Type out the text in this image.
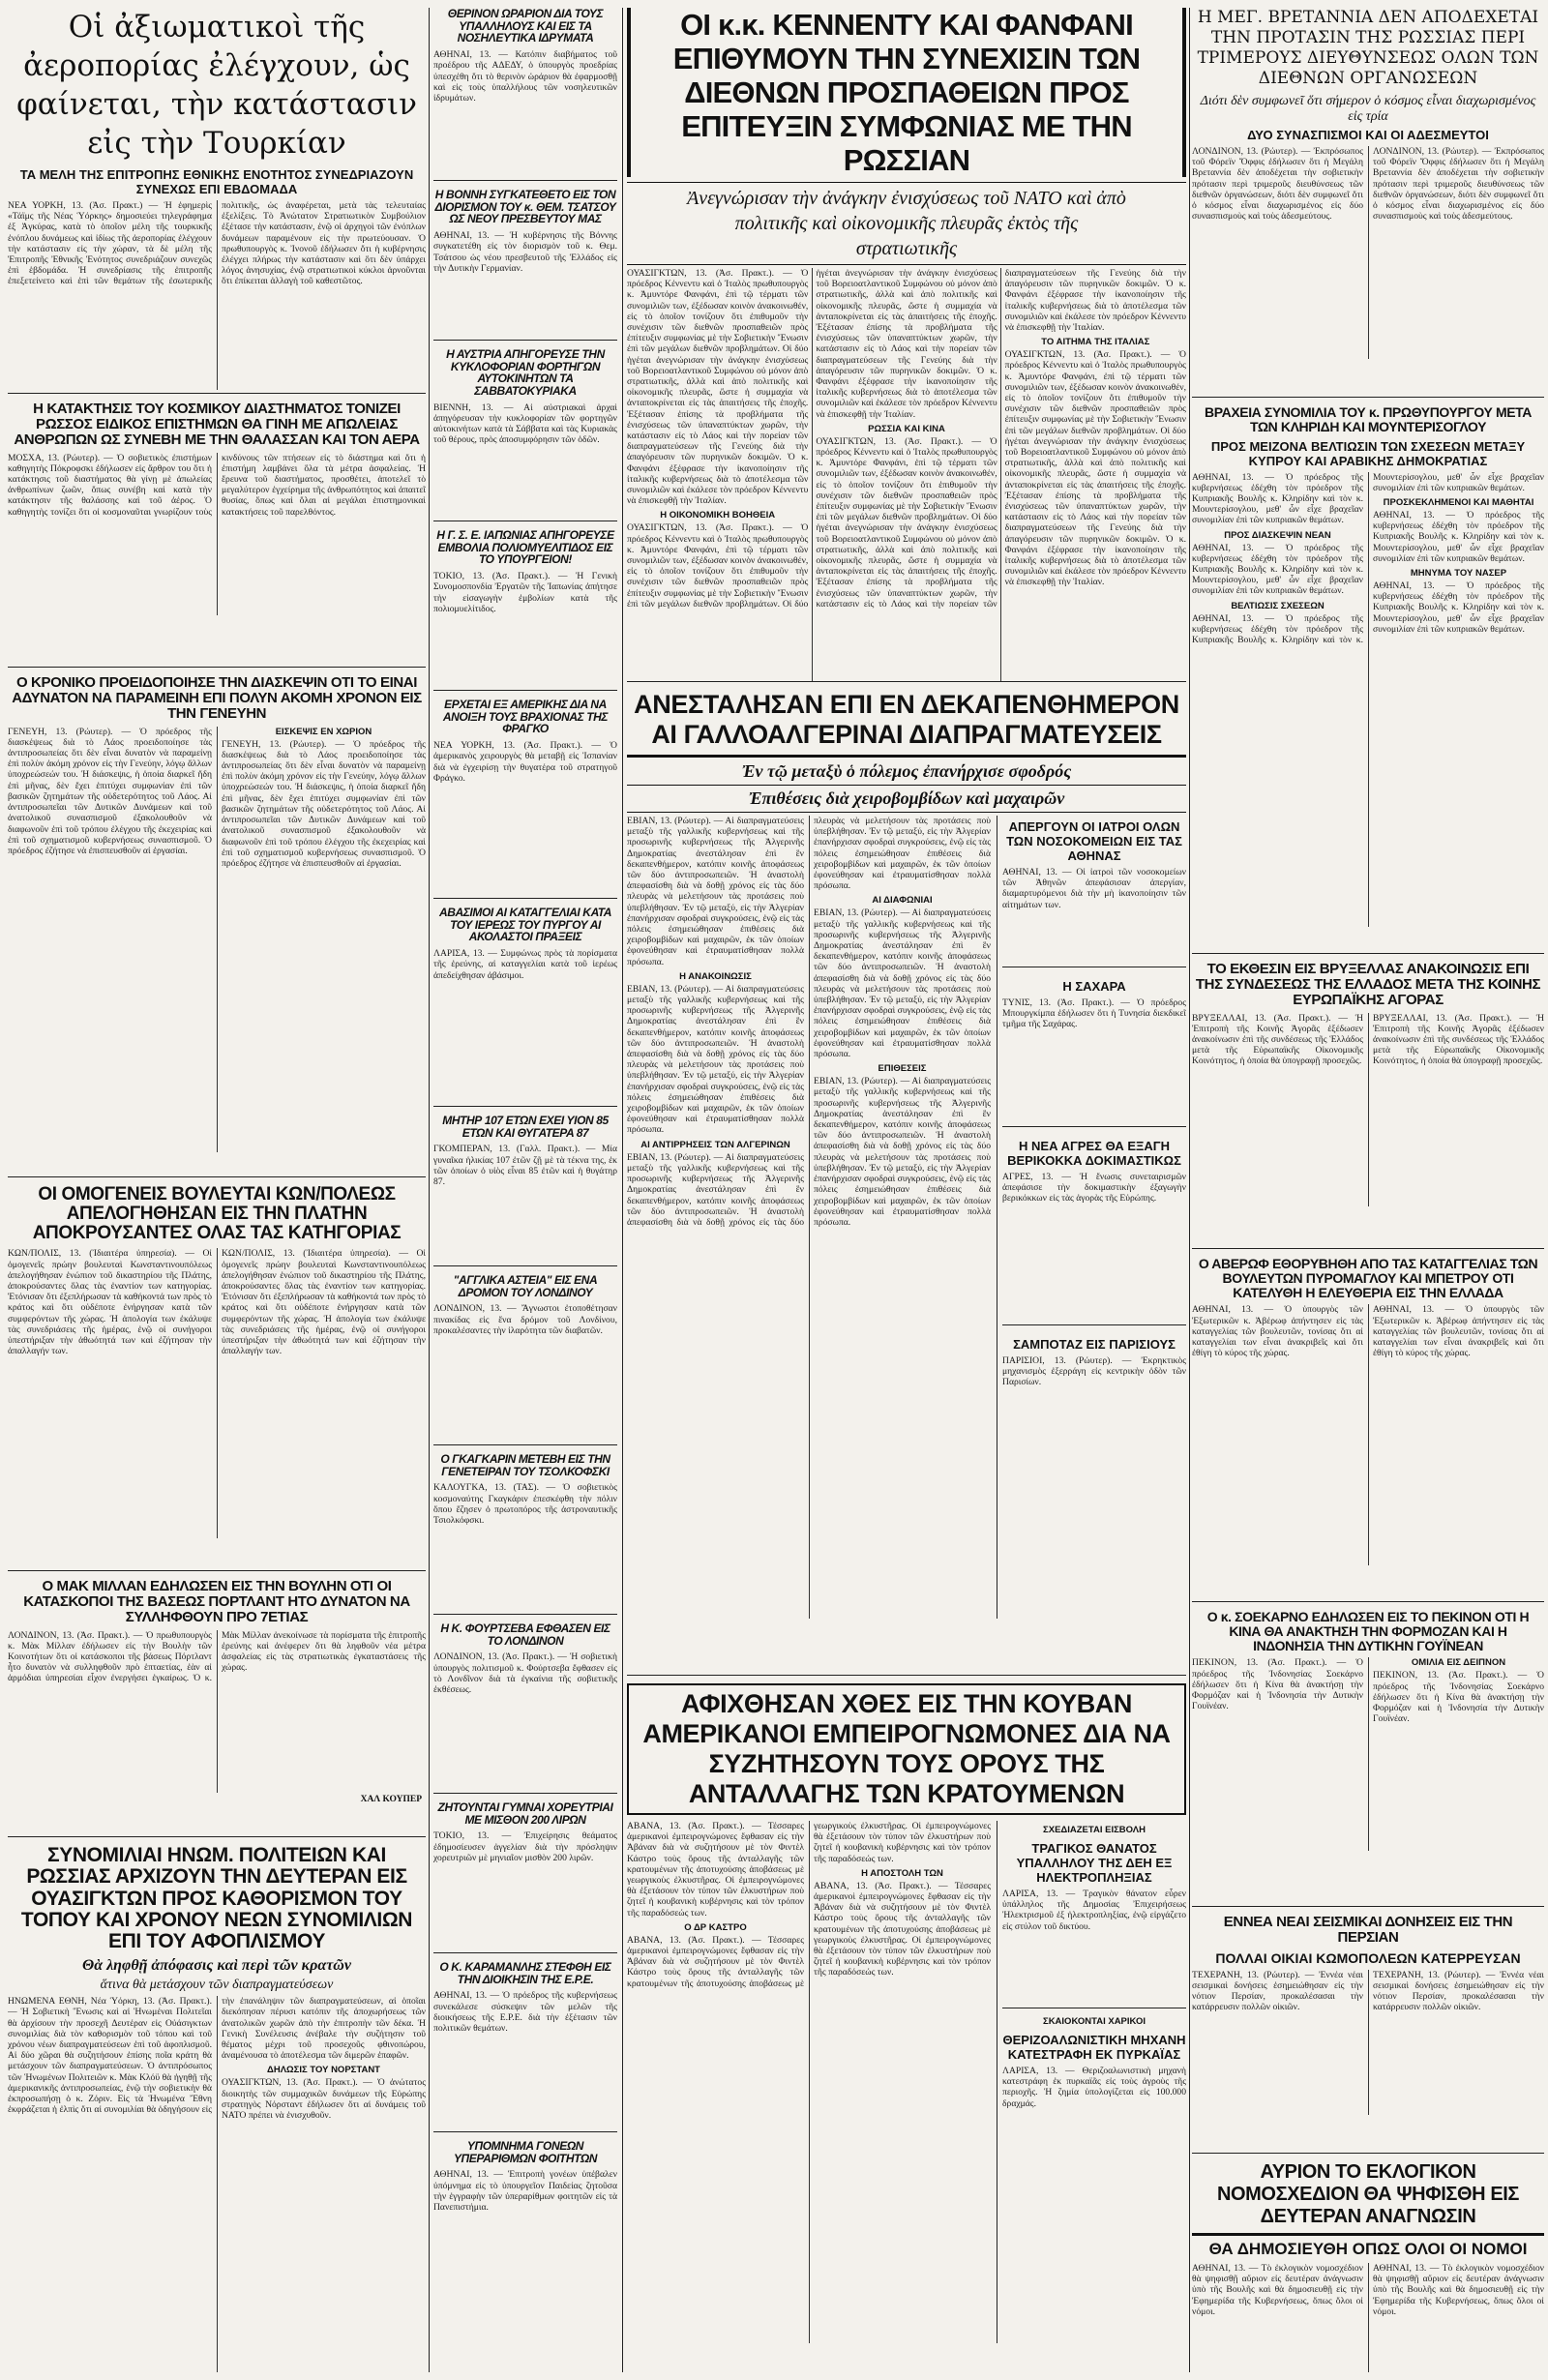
Οἱ ἀξιωματικοὶ τῆς ἀεροπορίας ἐλέγχουν, ὡς φαίνεται, τὴν κατάστασιν εἰς τὴν Τουρκίαν
ΤΑ ΜΕΛΗ ΤΗΣ ΕΠΙΤΡΟΠΗΣ ΕΘΝΙΚΗΣ ΕΝΟΤΗΤΟΣ ΣΥΝΕΔΡΙΑΖΟΥΝ ΣΥΝΕΧΩΣ ΕΠΙ ΕΒΔΟΜΑΔΑ

ΝΕΑ ΥΟΡΚΗ, 13. (Ἀσ. Πρακτ.) — Ἡ ἐφημερὶς «Τάϊμς τῆς Νέας Ὑόρκης» δημοσιεύει τηλεγράφημα ἐξ Ἀγκύρας, κατὰ τὸ ὁποῖον μέλη τῆς τουρκικῆς ἐνόπλου δυνάμεως καὶ ἰδίως τῆς ἀεροπορίας ἐλέγχουν τὴν κατάστασιν εἰς τὴν χώραν, τὰ δὲ μέλη τῆς Ἐπιτροπῆς Ἐθνικῆς Ἑνότητος συνεδριάζουν συνεχῶς ἐπὶ ἑβδομάδα. Ἡ συνεδρίασις τῆς ἐπιτροπῆς ἐπεξετείνετο καὶ ἐπὶ τῶν θεμάτων τῆς ἐσωτερικῆς πολιτικῆς, ὡς ἀναφέρεται, μετὰ τὰς τελευταίας ἐξελίξεις. Τὸ Ἀνώτατον Στρατιωτικὸν Συμβούλιον ἐξέτασε τὴν κατάστασιν, ἐνῷ οἱ ἀρχηγοὶ τῶν ἐνόπλων δυνάμεων παραμένουν εἰς τὴν πρωτεύουσαν. Ὁ πρωθυπουργὸς κ. Ἰνονοῦ ἐδήλωσεν ὅτι ἡ κυβέρνησις ἐλέγχει πλήρως τὴν κατάστασιν καὶ ὅτι δὲν ὑπάρχει λόγος ἀνησυχίας, ἐνῷ στρατιωτικοὶ κύκλοι ἀρνοῦνται ὅτι ἐπίκειται ἀλλαγὴ τοῦ καθεστῶτος.

Η ΚΑΤΑΚΤΗΣΙΣ ΤΟΥ ΚΟΣΜΙΚΟΥ ΔΙΑΣΤΗΜΑΤΟΣ ΤΟΝΙΖΕΙ ΡΩΣΣΟΣ ΕΙΔΙΚΟΣ ΕΠΙΣΤΗΜΩΝ ΘΑ ΓΙΝΗ ΜΕ ΑΠΩΛΕΙΑΣ ΑΝΘΡΩΠΩΝ ΩΣ ΣΥΝΕΒΗ ΜΕ ΤΗΝ ΘΑΛΑΣΣΑΝ ΚΑΙ ΤΟΝ ΑΕΡΑ

ΜΟΣΧΑ, 13. (Ρώυτερ). — Ὁ σοβιετικὸς ἐπιστήμων καθηγητὴς Πόκροφσκι ἐδήλωσεν εἰς ἄρθρον του ὅτι ἡ κατάκτησις τοῦ διαστήματος θὰ γίνῃ μὲ ἀπωλείας ἀνθρωπίνων ζωῶν, ὅπως συνέβη καὶ κατὰ τὴν κατάκτησιν τῆς θαλάσσης καὶ τοῦ ἀέρος. Ὁ καθηγητὴς τονίζει ὅτι οἱ κοσμοναῦται γνωρίζουν τοὺς κινδύνους τῶν πτήσεων εἰς τὸ διάστημα καὶ ὅτι ἡ ἐπιστήμη λαμβάνει ὅλα τὰ μέτρα ἀσφαλείας. Ἡ ἔρευνα τοῦ διαστήματος, προσθέτει, ἀποτελεῖ τὸ μεγαλύτερον ἐγχείρημα τῆς ἀνθρωπότητος καὶ ἀπαιτεῖ θυσίας, ὅπως καὶ ὅλαι αἱ μεγάλαι ἐπιστημονικαὶ κατακτήσεις τοῦ παρελθόντος.

Ο ΚΡΟΝΙΚΟ ΠΡΟΕΙΔΟΠΟΙΗΣΕ ΤΗΝ ΔΙΑΣΚΕΨΙΝ ΟΤΙ ΤΟ ΕΙΝΑΙ ΑΔΥΝΑΤΟΝ ΝΑ ΠΑΡΑΜΕΙΝΗ ΕΠΙ ΠΟΛΥΝ ΑΚΟΜΗ ΧΡΟΝΟΝ ΕΙΣ ΤΗΝ ΓΕΝΕΥΗΝ

ΓΕΝΕΥΗ, 13. (Ρώυτερ). — Ὁ πρόεδρος τῆς διασκέψεως διὰ τὸ Λάος προειδοποίησε τὰς ἀντιπροσωπείας ὅτι δὲν εἶναι δυνατὸν νὰ παραμείνῃ ἐπὶ πολὺν ἀκόμη χρόνον εἰς τὴν Γενεύην, λόγῳ ἄλλων ὑποχρεώσεών του. Ἡ διάσκεψις, ἡ ὁποία διαρκεῖ ἤδη ἐπὶ μῆνας, δὲν ἔχει ἐπιτύχει συμφωνίαν ἐπὶ τῶν βασικῶν ζητημάτων τῆς οὐδετερότητος τοῦ Λάος. Αἱ ἀντιπροσωπεῖαι τῶν Δυτικῶν Δυνάμεων καὶ τοῦ ἀνατολικοῦ συνασπισμοῦ ἐξακολουθοῦν νὰ διαφωνοῦν ἐπὶ τοῦ τρόπου ἐλέγχου τῆς ἐκεχειρίας καὶ ἐπὶ τοῦ σχηματισμοῦ κυβερνήσεως συνασπισμοῦ. Ὁ πρόεδρος ἐζήτησε νὰ ἐπισπευσθοῦν αἱ ἐργασίαι.

ΕΙΣΚΕΨΙΣ ΕΝ ΧΩΡΙΟΝ

ΓΕΝΕΥΗ, 13. (Ρώυτερ). — Ὁ πρόεδρος τῆς διασκέψεως διὰ τὸ Λάος προειδοποίησε τὰς ἀντιπροσωπείας ὅτι δὲν εἶναι δυνατὸν νὰ παραμείνῃ ἐπὶ πολὺν ἀκόμη χρόνον εἰς τὴν Γενεύην, λόγῳ ἄλλων ὑποχρεώσεών του. Ἡ διάσκεψις, ἡ ὁποία διαρκεῖ ἤδη ἐπὶ μῆνας, δὲν ἔχει ἐπιτύχει συμφωνίαν ἐπὶ τῶν βασικῶν ζητημάτων τῆς οὐδετερότητος τοῦ Λάος. Αἱ ἀντιπροσωπεῖαι τῶν Δυτικῶν Δυνάμεων καὶ τοῦ ἀνατολικοῦ συνασπισμοῦ ἐξακολουθοῦν νὰ διαφωνοῦν ἐπὶ τοῦ τρόπου ἐλέγχου τῆς ἐκεχειρίας καὶ ἐπὶ τοῦ σχηματισμοῦ κυβερνήσεως συνασπισμοῦ. Ὁ πρόεδρος ἐζήτησε νὰ ἐπισπευσθοῦν αἱ ἐργασίαι.

ΟΙ ΟΜΟΓΕΝΕΙΣ ΒΟΥΛΕΥΤΑΙ ΚΩΝ/ΠΟΛΕΩΣ ΑΠΕΛΟΓΗΘΗΣΑΝ ΕΙΣ ΤΗΝ ΠΛΑΤΗΝ ΑΠΟΚΡΟΥΣΑΝΤΕΣ ΟΛΑΣ ΤΑΣ ΚΑΤΗΓΟΡΙΑΣ

ΚΩΝ/ΠΟΛΙΣ, 13. (Ἰδιαιτέρα ὑπηρεσία). — Οἱ ὁμογενεῖς πρώην βουλευταὶ Κωνσταντινουπόλεως ἀπελογήθησαν ἐνώπιον τοῦ δικαστηρίου τῆς Πλάτης, ἀποκρούσαντες ὅλας τὰς ἐναντίον των κατηγορίας. Ἐτόνισαν ὅτι ἐξεπλήρωσαν τὰ καθήκοντά των πρὸς τὸ κράτος καὶ ὅτι οὐδέποτε ἐνήργησαν κατὰ τῶν συμφερόντων τῆς χώρας. Ἡ ἀπολογία των ἐκάλυψε τὰς συνεδριάσεις τῆς ἡμέρας, ἐνῷ οἱ συνήγοροι ὑπεστήριξαν τὴν ἀθωότητά των καὶ ἐζήτησαν τὴν ἀπαλλαγήν των.

ΚΩΝ/ΠΟΛΙΣ, 13. (Ἰδιαιτέρα ὑπηρεσία). — Οἱ ὁμογενεῖς πρώην βουλευταὶ Κωνσταντινουπόλεως ἀπελογήθησαν ἐνώπιον τοῦ δικαστηρίου τῆς Πλάτης, ἀποκρούσαντες ὅλας τὰς ἐναντίον των κατηγορίας. Ἐτόνισαν ὅτι ἐξεπλήρωσαν τὰ καθήκοντά των πρὸς τὸ κράτος καὶ ὅτι οὐδέποτε ἐνήργησαν κατὰ τῶν συμφερόντων τῆς χώρας. Ἡ ἀπολογία των ἐκάλυψε τὰς συνεδριάσεις τῆς ἡμέρας, ἐνῷ οἱ συνήγοροι ὑπεστήριξαν τὴν ἀθωότητά των καὶ ἐζήτησαν τὴν ἀπαλλαγήν των.

Ο ΜΑΚ ΜΙΛΛΑΝ ΕΔΗΛΩΣΕΝ ΕΙΣ ΤΗΝ ΒΟΥΛΗΝ ΟΤΙ ΟΙ ΚΑΤΑΣΚΟΠΟΙ ΤΗΣ ΒΑΣΕΩΣ ΠΟΡΤΛΑΝΤ ΗΤΟ ΔΥΝΑΤΟΝ ΝΑ ΣΥΛΛΗΦΘΟΥΝ ΠΡΟ 7ΕΤΙΑΣ

ΛΟΝΔΙΝΟΝ, 13. (Ἀσ. Πρακτ.). — Ὁ πρωθυπουργὸς κ. Μὰκ Μίλλαν ἐδήλωσεν εἰς τὴν Βουλὴν τῶν Κοινοτήτων ὅτι οἱ κατάσκοποι τῆς βάσεως Πόρτλαντ ἦτο δυνατὸν νὰ συλληφθοῦν πρὸ ἑπταετίας, ἐὰν αἱ ἁρμόδιαι ὑπηρεσίαι εἶχον ἐνεργήσει ἐγκαίρως. Ὁ κ. Μὰκ Μίλλαν ἀνεκοίνωσε τὰ πορίσματα τῆς ἐπιτροπῆς ἐρεύνης καὶ ἀνέφερεν ὅτι θὰ ληφθοῦν νέα μέτρα ἀσφαλείας εἰς τὰς στρατιωτικὰς ἐγκαταστάσεις τῆς χώρας.

ΧΑΛ ΚΟΥΠΕΡ
ΣΥΝΟΜΙΛΙΑΙ ΗΝΩΜ. ΠΟΛΙΤΕΙΩΝ ΚΑΙ ΡΩΣΣΙΑΣ ΑΡΧΙΖΟΥΝ ΤΗΝ ΔΕΥΤΕΡΑΝ ΕΙΣ ΟΥΑΣΙΓΚΤΩΝ ΠΡΟΣ ΚΑΘΟΡΙΣΜΟΝ ΤΟΥ ΤΟΠΟΥ ΚΑΙ ΧΡΟΝΟΥ ΝΕΩΝ ΣΥΝΟΜΙΛΙΩΝ ΕΠΙ ΤΟΥ ΑΦΟΠΛΙΣΜΟΥ
Θὰ ληφθῇ ἀπόφασις καὶ περὶ τῶν κρατῶν
ἅτινα θὰ μετάσχουν τῶν διαπραγματεύσεων

ΗΝΩΜΕΝΑ ΕΘΝΗ, Νέα Ὑόρκη, 13. (Ἀσ. Πρακτ.). — Ἡ Σοβιετικὴ Ἕνωσις καὶ αἱ Ἡνωμέναι Πολιτεῖαι θὰ ἀρχίσουν τὴν προσεχῆ Δευτέραν εἰς Οὐάσιγκτων συνομιλίας διὰ τὸν καθορισμὸν τοῦ τόπου καὶ τοῦ χρόνου νέων διαπραγματεύσεων ἐπὶ τοῦ ἀφοπλισμοῦ. Αἱ δύο χῶραι θὰ συζητήσουν ἐπίσης ποῖα κράτη θὰ μετάσχουν τῶν διαπραγματεύσεων. Ὁ ἀντιπρόσωπος τῶν Ἡνωμένων Πολιτειῶν κ. Μὰκ Κλόϋ θὰ ἡγηθῇ τῆς ἀμερικανικῆς ἀντιπροσωπείας, ἐνῷ τὴν σοβιετικὴν θὰ ἐκπροσωπήσῃ ὁ κ. Ζόριν. Εἰς τὰ Ἡνωμένα Ἔθνη ἐκφράζεται ἡ ἐλπὶς ὅτι αἱ συνομιλίαι θὰ ὁδηγήσουν εἰς τὴν ἐπανάληψιν τῶν διαπραγματεύσεων, αἱ ὁποῖαι διεκόπησαν πέρυσι κατόπιν τῆς ἀποχωρήσεως τῶν ἀνατολικῶν χωρῶν ἀπὸ τὴν ἐπιτροπὴν τῶν δέκα. Ἡ Γενικὴ Συνέλευσις ἀνέβαλε τὴν συζήτησιν τοῦ θέματος μέχρι τοῦ προσεχοῦς φθινοπώρου, ἀναμένουσα τὸ ἀποτέλεσμα τῶν διμερῶν ἐπαφῶν.

ΔΗΛΩΣΙΣ ΤΟΥ ΝΟΡΣΤΑΝΤ

ΟΥΑΣΙΓΚΤΩΝ, 13. (Ἀσ. Πρακτ.). — Ὁ ἀνώτατος διοικητὴς τῶν συμμαχικῶν δυνάμεων τῆς Εὐρώπης στρατηγὸς Νόρσταντ ἐδήλωσεν ὅτι αἱ δυνάμεις τοῦ ΝΑΤΟ πρέπει νὰ ἐνισχυθοῦν.

ΘΕΡΙΝΟΝ ΩΡΑΡΙΟΝ ΔΙΑ ΤΟΥΣ ΥΠΑΛΛΗΛΟΥΣ ΚΑΙ ΕΙΣ ΤΑ ΝΟΣΗΛΕΥΤΙΚΑ ΙΔΡΥΜΑΤΑ

ΑΘΗΝΑΙ, 13. — Κατόπιν διαβήματος τοῦ προέδρου τῆς ΑΔΕΔΥ, ὁ ὑπουργὸς προεδρίας ὑπεσχέθη ὅτι τὸ θερινὸν ὡράριον θὰ ἐφαρμοσθῇ καὶ εἰς τοὺς ὑπαλλήλους τῶν νοσηλευτικῶν ἱδρυμάτων.

Η ΒΟΝΝΗ ΣΥΓΚΑΤΕΘΕΤΟ ΕΙΣ ΤΟΝ ΔΙΟΡΙΣΜΟΝ ΤΟΥ κ. ΘΕΜ. ΤΣΑΤΣΟΥ ΩΣ ΝΕΟΥ ΠΡΕΣΒΕΥΤΟΥ ΜΑΣ

ΑΘΗΝΑΙ, 13. — Ἡ κυβέρνησις τῆς Βόννης συγκατετέθη εἰς τὸν διορισμὸν τοῦ κ. Θεμ. Τσάτσου ὡς νέου πρεσβευτοῦ τῆς Ἑλλάδος εἰς τὴν Δυτικὴν Γερμανίαν.

Η ΑΥΣΤΡΙΑ ΑΠΗΓΟΡΕΥΣΕ ΤΗΝ ΚΥΚΛΟΦΟΡΙΑΝ ΦΟΡΤΗΓΩΝ ΑΥΤΟΚΙΝΗΤΩΝ ΤΑ ΣΑΒΒΑΤΟΚΥΡΙΑΚΑ

ΒΙΕΝΝΗ, 13. — Αἱ αὐστριακαὶ ἀρχαὶ ἀπηγόρευσαν τὴν κυκλοφορίαν τῶν φορτηγῶν αὐτοκινήτων κατὰ τὰ Σάββατα καὶ τὰς Κυριακὰς τοῦ θέρους, πρὸς ἀποσυμφόρησιν τῶν ὁδῶν.

Η Γ. Σ. Ε. ΙΑΠΩΝΙΑΣ ΑΠΗΓΟΡΕΥΣΕ ΕΜΒΟΛΙΑ ΠΟΛΙΟΜΥΕΛΙΤΙΔΟΣ ΕΙΣ ΤΟ ΥΠΟΥΡΓΕΙΟΝ!

ΤΟΚΙΟ, 13. (Ἀσ. Πρακτ.). — Ἡ Γενικὴ Συνομοσπονδία Ἐργατῶν τῆς Ἰαπωνίας ἀπήτησε τὴν εἰσαγωγὴν ἐμβολίων κατὰ τῆς πολιομυελίτιδος.

ΕΡΧΕΤΑΙ ΕΞ ΑΜΕΡΙΚΗΣ ΔΙΑ ΝΑ ΑΝΟΙΞΗ ΤΟΥΣ ΒΡΑΧΙΟΝΑΣ ΤΗΣ ΦΡΑΓΚΟ

ΝΕΑ ΥΟΡΚΗ, 13. (Ἀσ. Πρακτ.). — Ὁ ἀμερικανὸς χειρουργὸς θὰ μεταβῇ εἰς Ἰσπανίαν διὰ νὰ ἐγχειρίσῃ τὴν θυγατέρα τοῦ στρατηγοῦ Φράγκο.

ΑΒΑΣΙΜΟΙ ΑΙ ΚΑΤΑΓΓΕΛΙΑΙ ΚΑΤΑ ΤΟΥ ΙΕΡΕΩΣ ΤΟΥ ΠΥΡΓΟΥ ΑΙ ΑΚΟΛΑΣΤΟΙ ΠΡΑΞΕΙΣ

ΛΑΡΙΣΑ, 13. — Συμφώνως πρὸς τὰ πορίσματα τῆς ἐρεύνης, αἱ καταγγελίαι κατὰ τοῦ ἱερέως ἀπεδείχθησαν ἀβάσιμοι.

ΜΗΤΗΡ 107 ΕΤΩΝ ΕΧΕΙ ΥΙΟΝ 85 ΕΤΩΝ ΚΑΙ ΘΥΓΑΤΕΡΑ 87

ΓΚΟΜΠΕΡΑΝ, 13. (Γαλλ. Πρακτ.). — Μία γυναῖκα ἡλικίας 107 ἐτῶν ζῇ μὲ τὰ τέκνα της, ἐκ τῶν ὁποίων ὁ υἱὸς εἶναι 85 ἐτῶν καὶ ἡ θυγάτηρ 87.

"ΑΓΓΛΙΚΑ ΑΣΤΕΙΑ" ΕΙΣ ΕΝΑ ΔΡΟΜΟΝ ΤΟΥ ΛΟΝΔΙΝΟΥ

ΛΟΝΔΙΝΟΝ, 13. — Ἄγνωστοι ἐτοποθέτησαν πινακίδας εἰς ἕνα δρόμον τοῦ Λονδίνου, προκαλέσαντες τὴν ἱλαρότητα τῶν διαβατῶν.

Ο ΓΚΑΓΚΑΡΙΝ ΜΕΤΕΒΗ ΕΙΣ ΤΗΝ ΓΕΝΕΤΕΙΡΑΝ ΤΟΥ ΤΣΟΛΚΟΦΣΚΙ

ΚΑΛΟΥΓΚΑ, 13. (ΤΑΣ). — Ὁ σοβιετικὸς κοσμοναύτης Γκαγκάριν ἐπεσκέφθη τὴν πόλιν ὅπου ἔζησεν ὁ πρωτοπόρος τῆς ἀστροναυτικῆς Τσιολκόφσκι.

Η Κ. ΦΟΥΡΤΣΕΒΑ ΕΦΘΑΣΕΝ ΕΙΣ ΤΟ ΛΟΝΔΙΝΟΝ

ΛΟΝΔΙΝΟΝ, 13. (Ἀσ. Πρακτ.). — Ἡ σοβιετικὴ ὑπουργὸς πολιτισμοῦ κ. Φούρτσεβα ἔφθασεν εἰς τὸ Λονδῖνον διὰ τὰ ἐγκαίνια τῆς σοβιετικῆς ἐκθέσεως.

ΖΗΤΟΥΝΤΑΙ ΓΥΜΝΑΙ ΧΟΡΕΥΤΡΙΑΙ ΜΕ ΜΙΣΘΟΝ 200 ΛΙΡΩΝ

ΤΟΚΙΟ, 13. — Ἐπιχείρησις θεάματος ἐδημοσίευσεν ἀγγελίαν διὰ τὴν πρόσληψιν χορευτριῶν μὲ μηνιαῖον μισθὸν 200 λιρῶν.

Ο Κ. ΚΑΡΑΜΑΝΛΗΣ ΣΤΕΦΘΗ ΕΙΣ ΤΗΝ ΔΙΟΙΚΗΣΙΝ ΤΗΣ Ε.Ρ.Ε.

ΑΘΗΝΑΙ, 13. — Ὁ πρόεδρος τῆς κυβερνήσεως συνεκάλεσε σύσκεψιν τῶν μελῶν τῆς διοικήσεως τῆς Ε.Ρ.Ε. διὰ τὴν ἐξέτασιν τῶν πολιτικῶν θεμάτων.

ΥΠΟΜΝΗΜΑ ΓΟΝΕΩΝ ΥΠΕΡΑΡΙΘΜΩΝ ΦΟΙΤΗΤΩΝ

ΑΘΗΝΑΙ, 13. — Ἐπιτροπὴ γονέων ὑπέβαλεν ὑπόμνημα εἰς τὸ ὑπουργεῖον Παιδείας ζητοῦσα τὴν ἐγγραφὴν τῶν ὑπεραρίθμων φοιτητῶν εἰς τὰ Πανεπιστήμια.

ΟΙ κ.κ. ΚΕΝΝΕΝΤΥ ΚΑΙ ΦΑΝΦΑΝΙ ΕΠΙΘΥΜΟΥΝ ΤΗΝ ΣΥΝΕΧΙΣΙΝ ΤΩΝ ΔΙΕΘΝΩΝ ΠΡΟΣΠΑΘΕΙΩΝ ΠΡΟΣ ΕΠΙΤΕΥΞΙΝ ΣΥΜΦΩΝΙΑΣ ΜΕ ΤΗΝ ΡΩΣΣΙΑΝ
Ἀνεγνώρισαν τὴν ἀνάγκην ἐνισχύσεως τοῦ ΝΑΤΟ καὶ ἀπὸ πολιτικῆς καὶ οἰκονομικῆς πλευρᾶς ἐκτὸς τῆς στρατιωτικῆς

ΟΥΑΣΙΓΚΤΩΝ, 13. (Ἀσ. Πρακτ.). — Ὁ πρόεδρος Κέννεντυ καὶ ὁ Ἰταλὸς πρωθυπουργὸς κ. Ἀμυντόρε Φανφάνι, ἐπὶ τῷ τέρματι τῶν συνομιλιῶν των, ἐξέδωσαν κοινὸν ἀνακοινωθέν, εἰς τὸ ὁποῖον τονίζουν ὅτι ἐπιθυμοῦν τὴν συνέχισιν τῶν διεθνῶν προσπαθειῶν πρὸς ἐπίτευξιν συμφωνίας μὲ τὴν Σοβιετικὴν Ἕνωσιν ἐπὶ τῶν μεγάλων διεθνῶν προβλημάτων. Οἱ δύο ἡγέται ἀνεγνώρισαν τὴν ἀνάγκην ἐνισχύσεως τοῦ Βορειοατλαντικοῦ Συμφώνου οὐ μόνον ἀπὸ στρατιωτικῆς, ἀλλὰ καὶ ἀπὸ πολιτικῆς καὶ οἰκονομικῆς πλευρᾶς, ὥστε ἡ συμμαχία νὰ ἀνταποκρίνεται εἰς τὰς ἀπαιτήσεις τῆς ἐποχῆς. Ἐξέτασαν ἐπίσης τὰ προβλήματα τῆς ἐνισχύσεως τῶν ὑπαναπτύκτων χωρῶν, τὴν κατάστασιν εἰς τὸ Λάος καὶ τὴν πορείαν τῶν διαπραγματεύσεων τῆς Γενεύης διὰ τὴν ἀπαγόρευσιν τῶν πυρηνικῶν δοκιμῶν. Ὁ κ. Φανφάνι ἐξέφρασε τὴν ἱκανοποίησιν τῆς ἰταλικῆς κυβερνήσεως διὰ τὸ ἀποτέλεσμα τῶν συνομιλιῶν καὶ ἐκάλεσε τὸν πρόεδρον Κέννεντυ νὰ ἐπισκεφθῇ τὴν Ἰταλίαν.

Η ΟΙΚΟΝΟΜΙΚΗ ΒΟΗΘΕΙΑ

ΟΥΑΣΙΓΚΤΩΝ, 13. (Ἀσ. Πρακτ.). — Ὁ πρόεδρος Κέννεντυ καὶ ὁ Ἰταλὸς πρωθυπουργὸς κ. Ἀμυντόρε Φανφάνι, ἐπὶ τῷ τέρματι τῶν συνομιλιῶν των, ἐξέδωσαν κοινὸν ἀνακοινωθέν, εἰς τὸ ὁποῖον τονίζουν ὅτι ἐπιθυμοῦν τὴν συνέχισιν τῶν διεθνῶν προσπαθειῶν πρὸς ἐπίτευξιν συμφωνίας μὲ τὴν Σοβιετικὴν Ἕνωσιν ἐπὶ τῶν μεγάλων διεθνῶν προβλημάτων. Οἱ δύο ἡγέται ἀνεγνώρισαν τὴν ἀνάγκην ἐνισχύσεως τοῦ Βορειοατλαντικοῦ Συμφώνου οὐ μόνον ἀπὸ στρατιωτικῆς, ἀλλὰ καὶ ἀπὸ πολιτικῆς καὶ οἰκονομικῆς πλευρᾶς, ὥστε ἡ συμμαχία νὰ ἀνταποκρίνεται εἰς τὰς ἀπαιτήσεις τῆς ἐποχῆς. Ἐξέτασαν ἐπίσης τὰ προβλήματα τῆς ἐνισχύσεως τῶν ὑπαναπτύκτων χωρῶν, τὴν κατάστασιν εἰς τὸ Λάος καὶ τὴν πορείαν τῶν διαπραγματεύσεων τῆς Γενεύης διὰ τὴν ἀπαγόρευσιν τῶν πυρηνικῶν δοκιμῶν. Ὁ κ. Φανφάνι ἐξέφρασε τὴν ἱκανοποίησιν τῆς ἰταλικῆς κυβερνήσεως διὰ τὸ ἀποτέλεσμα τῶν συνομιλιῶν καὶ ἐκάλεσε τὸν πρόεδρον Κέννεντυ νὰ ἐπισκεφθῇ τὴν Ἰταλίαν.

ΡΩΣΣΙΑ ΚΑΙ ΚΙΝΑ

ΟΥΑΣΙΓΚΤΩΝ, 13. (Ἀσ. Πρακτ.). — Ὁ πρόεδρος Κέννεντυ καὶ ὁ Ἰταλὸς πρωθυπουργὸς κ. Ἀμυντόρε Φανφάνι, ἐπὶ τῷ τέρματι τῶν συνομιλιῶν των, ἐξέδωσαν κοινὸν ἀνακοινωθέν, εἰς τὸ ὁποῖον τονίζουν ὅτι ἐπιθυμοῦν τὴν συνέχισιν τῶν διεθνῶν προσπαθειῶν πρὸς ἐπίτευξιν συμφωνίας μὲ τὴν Σοβιετικὴν Ἕνωσιν ἐπὶ τῶν μεγάλων διεθνῶν προβλημάτων. Οἱ δύο ἡγέται ἀνεγνώρισαν τὴν ἀνάγκην ἐνισχύσεως τοῦ Βορειοατλαντικοῦ Συμφώνου οὐ μόνον ἀπὸ στρατιωτικῆς, ἀλλὰ καὶ ἀπὸ πολιτικῆς καὶ οἰκονομικῆς πλευρᾶς, ὥστε ἡ συμμαχία νὰ ἀνταποκρίνεται εἰς τὰς ἀπαιτήσεις τῆς ἐποχῆς. Ἐξέτασαν ἐπίσης τὰ προβλήματα τῆς ἐνισχύσεως τῶν ὑπαναπτύκτων χωρῶν, τὴν κατάστασιν εἰς τὸ Λάος καὶ τὴν πορείαν τῶν διαπραγματεύσεων τῆς Γενεύης διὰ τὴν ἀπαγόρευσιν τῶν πυρηνικῶν δοκιμῶν. Ὁ κ. Φανφάνι ἐξέφρασε τὴν ἱκανοποίησιν τῆς ἰταλικῆς κυβερνήσεως διὰ τὸ ἀποτέλεσμα τῶν συνομιλιῶν καὶ ἐκάλεσε τὸν πρόεδρον Κέννεντυ νὰ ἐπισκεφθῇ τὴν Ἰταλίαν.

ΤΟ ΑΙΤΗΜΑ ΤΗΣ ΙΤΑΛΙΑΣ

ΟΥΑΣΙΓΚΤΩΝ, 13. (Ἀσ. Πρακτ.). — Ὁ πρόεδρος Κέννεντυ καὶ ὁ Ἰταλὸς πρωθυπουργὸς κ. Ἀμυντόρε Φανφάνι, ἐπὶ τῷ τέρματι τῶν συνομιλιῶν των, ἐξέδωσαν κοινὸν ἀνακοινωθέν, εἰς τὸ ὁποῖον τονίζουν ὅτι ἐπιθυμοῦν τὴν συνέχισιν τῶν διεθνῶν προσπαθειῶν πρὸς ἐπίτευξιν συμφωνίας μὲ τὴν Σοβιετικὴν Ἕνωσιν ἐπὶ τῶν μεγάλων διεθνῶν προβλημάτων. Οἱ δύο ἡγέται ἀνεγνώρισαν τὴν ἀνάγκην ἐνισχύσεως τοῦ Βορειοατλαντικοῦ Συμφώνου οὐ μόνον ἀπὸ στρατιωτικῆς, ἀλλὰ καὶ ἀπὸ πολιτικῆς καὶ οἰκονομικῆς πλευρᾶς, ὥστε ἡ συμμαχία νὰ ἀνταποκρίνεται εἰς τὰς ἀπαιτήσεις τῆς ἐποχῆς. Ἐξέτασαν ἐπίσης τὰ προβλήματα τῆς ἐνισχύσεως τῶν ὑπαναπτύκτων χωρῶν, τὴν κατάστασιν εἰς τὸ Λάος καὶ τὴν πορείαν τῶν διαπραγματεύσεων τῆς Γενεύης διὰ τὴν ἀπαγόρευσιν τῶν πυρηνικῶν δοκιμῶν. Ὁ κ. Φανφάνι ἐξέφρασε τὴν ἱκανοποίησιν τῆς ἰταλικῆς κυβερνήσεως διὰ τὸ ἀποτέλεσμα τῶν συνομιλιῶν καὶ ἐκάλεσε τὸν πρόεδρον Κέννεντυ νὰ ἐπισκεφθῇ τὴν Ἰταλίαν.

ΑΝΕΣΤΑΛΗΣΑΝ ΕΠΙ ΕΝ ΔΕΚΑΠΕΝΘΗΜΕΡΟΝ ΑΙ ΓΑΛΛΟΑΛΓΕΡΙΝΑΙ ΔΙΑΠΡΑΓΜΑΤΕΥΣΕΙΣ
Ἐν τῷ μεταξὺ ὁ πόλεμος ἐπανήρχισε σφοδρός
Ἐπιθέσεις διὰ χειροβομβίδων καὶ μαχαιρῶν

ΕΒΙΑΝ, 13. (Ρώυτερ). — Αἱ διαπραγματεύσεις μεταξὺ τῆς γαλλικῆς κυβερνήσεως καὶ τῆς προσωρινῆς κυβερνήσεως τῆς Ἀλγερινῆς Δημοκρατίας ἀνεστάλησαν ἐπὶ ἓν δεκαπενθήμερον, κατόπιν κοινῆς ἀποφάσεως τῶν δύο ἀντιπροσωπειῶν. Ἡ ἀναστολὴ ἀπεφασίσθη διὰ νὰ δοθῇ χρόνος εἰς τὰς δύο πλευρὰς νὰ μελετήσουν τὰς προτάσεις ποὺ ὑπεβλήθησαν. Ἐν τῷ μεταξύ, εἰς τὴν Ἀλγερίαν ἐπανήρχισαν σφοδραὶ συγκρούσεις, ἐνῷ εἰς τὰς πόλεις ἐσημειώθησαν ἐπιθέσεις διὰ χειροβομβίδων καὶ μαχαιρῶν, ἐκ τῶν ὁποίων ἐφονεύθησαν καὶ ἐτραυματίσθησαν πολλὰ πρόσωπα.

Η ΑΝΑΚΟΙΝΩΣΙΣ

ΕΒΙΑΝ, 13. (Ρώυτερ). — Αἱ διαπραγματεύσεις μεταξὺ τῆς γαλλικῆς κυβερνήσεως καὶ τῆς προσωρινῆς κυβερνήσεως τῆς Ἀλγερινῆς Δημοκρατίας ἀνεστάλησαν ἐπὶ ἓν δεκαπενθήμερον, κατόπιν κοινῆς ἀποφάσεως τῶν δύο ἀντιπροσωπειῶν. Ἡ ἀναστολὴ ἀπεφασίσθη διὰ νὰ δοθῇ χρόνος εἰς τὰς δύο πλευρὰς νὰ μελετήσουν τὰς προτάσεις ποὺ ὑπεβλήθησαν. Ἐν τῷ μεταξύ, εἰς τὴν Ἀλγερίαν ἐπανήρχισαν σφοδραὶ συγκρούσεις, ἐνῷ εἰς τὰς πόλεις ἐσημειώθησαν ἐπιθέσεις διὰ χειροβομβίδων καὶ μαχαιρῶν, ἐκ τῶν ὁποίων ἐφονεύθησαν καὶ ἐτραυματίσθησαν πολλὰ πρόσωπα.

ΑΙ ΑΝΤΙΡΡΗΣΕΙΣ ΤΩΝ ΑΛΓΕΡΙΝΩΝ

ΕΒΙΑΝ, 13. (Ρώυτερ). — Αἱ διαπραγματεύσεις μεταξὺ τῆς γαλλικῆς κυβερνήσεως καὶ τῆς προσωρινῆς κυβερνήσεως τῆς Ἀλγερινῆς Δημοκρατίας ἀνεστάλησαν ἐπὶ ἓν δεκαπενθήμερον, κατόπιν κοινῆς ἀποφάσεως τῶν δύο ἀντιπροσωπειῶν. Ἡ ἀναστολὴ ἀπεφασίσθη διὰ νὰ δοθῇ χρόνος εἰς τὰς δύο πλευρὰς νὰ μελετήσουν τὰς προτάσεις ποὺ ὑπεβλήθησαν. Ἐν τῷ μεταξύ, εἰς τὴν Ἀλγερίαν ἐπανήρχισαν σφοδραὶ συγκρούσεις, ἐνῷ εἰς τὰς πόλεις ἐσημειώθησαν ἐπιθέσεις διὰ χειροβομβίδων καὶ μαχαιρῶν, ἐκ τῶν ὁποίων ἐφονεύθησαν καὶ ἐτραυματίσθησαν πολλὰ πρόσωπα.

ΑΙ ΔΙΑΦΩΝΙΑΙ

ΕΒΙΑΝ, 13. (Ρώυτερ). — Αἱ διαπραγματεύσεις μεταξὺ τῆς γαλλικῆς κυβερνήσεως καὶ τῆς προσωρινῆς κυβερνήσεως τῆς Ἀλγερινῆς Δημοκρατίας ἀνεστάλησαν ἐπὶ ἓν δεκαπενθήμερον, κατόπιν κοινῆς ἀποφάσεως τῶν δύο ἀντιπροσωπειῶν. Ἡ ἀναστολὴ ἀπεφασίσθη διὰ νὰ δοθῇ χρόνος εἰς τὰς δύο πλευρὰς νὰ μελετήσουν τὰς προτάσεις ποὺ ὑπεβλήθησαν. Ἐν τῷ μεταξύ, εἰς τὴν Ἀλγερίαν ἐπανήρχισαν σφοδραὶ συγκρούσεις, ἐνῷ εἰς τὰς πόλεις ἐσημειώθησαν ἐπιθέσεις διὰ χειροβομβίδων καὶ μαχαιρῶν, ἐκ τῶν ὁποίων ἐφονεύθησαν καὶ ἐτραυματίσθησαν πολλὰ πρόσωπα.

ΕΠΙΘΕΣΕΙΣ

ΕΒΙΑΝ, 13. (Ρώυτερ). — Αἱ διαπραγματεύσεις μεταξὺ τῆς γαλλικῆς κυβερνήσεως καὶ τῆς προσωρινῆς κυβερνήσεως τῆς Ἀλγερινῆς Δημοκρατίας ἀνεστάλησαν ἐπὶ ἓν δεκαπενθήμερον, κατόπιν κοινῆς ἀποφάσεως τῶν δύο ἀντιπροσωπειῶν. Ἡ ἀναστολὴ ἀπεφασίσθη διὰ νὰ δοθῇ χρόνος εἰς τὰς δύο πλευρὰς νὰ μελετήσουν τὰς προτάσεις ποὺ ὑπεβλήθησαν. Ἐν τῷ μεταξύ, εἰς τὴν Ἀλγερίαν ἐπανήρχισαν σφοδραὶ συγκρούσεις, ἐνῷ εἰς τὰς πόλεις ἐσημειώθησαν ἐπιθέσεις διὰ χειροβομβίδων καὶ μαχαιρῶν, ἐκ τῶν ὁποίων ἐφονεύθησαν καὶ ἐτραυματίσθησαν πολλὰ πρόσωπα.

ΑΠΕΡΓΟΥΝ ΟΙ ΙΑΤΡΟΙ ΟΛΩΝ ΤΩΝ ΝΟΣΟΚΟΜΕΙΩΝ ΕΙΣ ΤΑΣ ΑΘΗΝΑΣ

ΑΘΗΝΑΙ, 13. — Οἱ ἰατροὶ τῶν νοσοκομείων τῶν Ἀθηνῶν ἀπεφάσισαν ἀπεργίαν, διαμαρτυρόμενοι διὰ τὴν μὴ ἱκανοποίησιν τῶν αἰτημάτων των.

Η ΣΑΧΑΡΑ

ΤΥΝΙΣ, 13. (Ἀσ. Πρακτ.). — Ὁ πρόεδρος Μπουργκίμπα ἐδήλωσεν ὅτι ἡ Τυνησία διεκδικεῖ τμῆμα τῆς Σαχάρας.

Η ΝΕΑ ΑΓΡΕΣ ΘΑ ΕΞΑΓΗ ΒΕΡΙΚΟΚΚΑ ΔΟΚΙΜΑΣΤΙΚΩΣ

ΑΓΡΕΣ, 13. — Ἡ ἕνωσις συνεταιρισμῶν ἀπεφάσισε τὴν δοκιμαστικὴν ἐξαγωγὴν βερικόκκων εἰς τὰς ἀγορὰς τῆς Εὐρώπης.

ΣΑΜΠΟΤΑΖ ΕΙΣ ΠΑΡΙΣΙΟΥΣ

ΠΑΡΙΣΙΟΙ, 13. (Ρώυτερ). — Ἐκρηκτικὸς μηχανισμὸς ἐξερράγη εἰς κεντρικὴν ὁδὸν τῶν Παρισίων.

ΑΦΙΧΘΗΣΑΝ ΧΘΕΣ ΕΙΣ ΤΗΝ ΚΟΥΒΑΝ ΑΜΕΡΙΚΑΝΟΙ ΕΜΠΕΙΡΟΓΝΩΜΟΝΕΣ ΔΙΑ ΝΑ ΣΥΖΗΤΗΣΟΥΝ ΤΟΥΣ ΟΡΟΥΣ ΤΗΣ ΑΝΤΑΛΛΑΓΗΣ ΤΩΝ ΚΡΑΤΟΥΜΕΝΩΝ

ΑΒΑΝΑ, 13. (Ἀσ. Πρακτ.). — Τέσσαρες ἀμερικανοὶ ἐμπειρογνώμονες ἔφθασαν εἰς τὴν Ἀβάναν διὰ νὰ συζητήσουν μὲ τὸν Φιντὲλ Κάστρο τοὺς ὅρους τῆς ἀνταλλαγῆς τῶν κρατουμένων τῆς ἀποτυχούσης ἀποβάσεως μὲ γεωργικοὺς ἐλκυστῆρας. Οἱ ἐμπειρογνώμονες θὰ ἐξετάσουν τὸν τύπον τῶν ἐλκυστήρων ποὺ ζητεῖ ἡ κουβανικὴ κυβέρνησις καὶ τὸν τρόπον τῆς παραδόσεώς των.

Ο ΔΡ ΚΑΣΤΡΟ

ΑΒΑΝΑ, 13. (Ἀσ. Πρακτ.). — Τέσσαρες ἀμερικανοὶ ἐμπειρογνώμονες ἔφθασαν εἰς τὴν Ἀβάναν διὰ νὰ συζητήσουν μὲ τὸν Φιντὲλ Κάστρο τοὺς ὅρους τῆς ἀνταλλαγῆς τῶν κρατουμένων τῆς ἀποτυχούσης ἀποβάσεως μὲ γεωργικοὺς ἐλκυστῆρας. Οἱ ἐμπειρογνώμονες θὰ ἐξετάσουν τὸν τύπον τῶν ἐλκυστήρων ποὺ ζητεῖ ἡ κουβανικὴ κυβέρνησις καὶ τὸν τρόπον τῆς παραδόσεώς των.

Η ΑΠΟΣΤΟΛΗ ΤΩΝ

ΑΒΑΝΑ, 13. (Ἀσ. Πρακτ.). — Τέσσαρες ἀμερικανοὶ ἐμπειρογνώμονες ἔφθασαν εἰς τὴν Ἀβάναν διὰ νὰ συζητήσουν μὲ τὸν Φιντὲλ Κάστρο τοὺς ὅρους τῆς ἀνταλλαγῆς τῶν κρατουμένων τῆς ἀποτυχούσης ἀποβάσεως μὲ γεωργικοὺς ἐλκυστῆρας. Οἱ ἐμπειρογνώμονες θὰ ἐξετάσουν τὸν τύπον τῶν ἐλκυστήρων ποὺ ζητεῖ ἡ κουβανικὴ κυβέρνησις καὶ τὸν τρόπον τῆς παραδόσεώς των.

ΣΧΕΔΙΑΖΕΤΑΙ ΕΙΣΒΟΛΗ
ΤΡΑΓΙΚΟΣ ΘΑΝΑΤΟΣ ΥΠΑΛΛΗΛΟΥ ΤΗΣ ΔΕΗ ΕΞ ΗΛΕΚΤΡΟΠΛΗΞΙΑΣ

ΛΑΡΙΣΑ, 13. — Τραγικὸν θάνατον εὗρεν ὑπάλληλος τῆς Δημοσίας Ἐπιχειρήσεως Ἠλεκτρισμοῦ ἐξ ἠλεκτροπληξίας, ἐνῷ εἰργάζετο εἰς στύλον τοῦ δικτύου.

ΣΚΑΙΟΚΟΝΤΑΙ ΧΑΡΙΚΟΙ
ΘΕΡΙΖΟΑΛΩΝΙΣΤΙΚΗ ΜΗΧΑΝΗ ΚΑΤΕΣΤΡΑΦΗ ΕΚ ΠΥΡΚΑΪΑΣ

ΛΑΡΙΣΑ, 13. — Θεριζοαλωνιστικὴ μηχανὴ κατεστράφη ἐκ πυρκαϊᾶς εἰς τοὺς ἀγροὺς τῆς περιοχῆς. Ἡ ζημία ὑπολογίζεται εἰς 100.000 δραχμάς.

Η ΜΕΓ. ΒΡΕΤΑΝΝΙΑ ΔΕΝ ΑΠΟΔΕΧΕΤΑΙ ΤΗΝ ΠΡΟΤΑΣΙΝ ΤΗΣ ΡΩΣΣΙΑΣ ΠΕΡΙ ΤΡΙΜΕΡΟΥΣ ΔΙΕΥΘΥΝΣΕΩΣ ΟΛΩΝ ΤΩΝ ΔΙΕΘΝΩΝ ΟΡΓΑΝΩΣΕΩΝ
Διότι δὲν συμφωνεῖ ὅτι σήμερον ὁ κόσμος εἶναι διαχωρισμένος εἰς τρία
ΔΥΟ ΣΥΝΑΣΠΙΣΜΟΙ ΚΑΙ ΟΙ ΑΔΕΣΜΕΥΤΟΙ

ΛΟΝΔΙΝΟΝ, 13. (Ρώυτερ). — Ἐκπρόσωπος τοῦ Φόρεϊν Ὄφφις ἐδήλωσεν ὅτι ἡ Μεγάλη Βρεταννία δὲν ἀποδέχεται τὴν σοβιετικὴν πρότασιν περὶ τριμεροῦς διευθύνσεως τῶν διεθνῶν ὀργανώσεων, διότι δὲν συμφωνεῖ ὅτι ὁ κόσμος εἶναι διαχωρισμένος εἰς δύο συνασπισμοὺς καὶ τοὺς ἀδεσμεύτους.

ΛΟΝΔΙΝΟΝ, 13. (Ρώυτερ). — Ἐκπρόσωπος τοῦ Φόρεϊν Ὄφφις ἐδήλωσεν ὅτι ἡ Μεγάλη Βρεταννία δὲν ἀποδέχεται τὴν σοβιετικὴν πρότασιν περὶ τριμεροῦς διευθύνσεως τῶν διεθνῶν ὀργανώσεων, διότι δὲν συμφωνεῖ ὅτι ὁ κόσμος εἶναι διαχωρισμένος εἰς δύο συνασπισμοὺς καὶ τοὺς ἀδεσμεύτους.

ΒΡΑΧΕΙΑ ΣΥΝΟΜΙΛΙΑ ΤΟΥ κ. ΠΡΩΘΥΠΟΥΡΓΟΥ ΜΕΤΑ ΤΩΝ ΚΛΗΡΙΔΗ ΚΑΙ ΜΟΥΝΤΕΡΙΣΟΓΛΟΥ
ΠΡΟΣ ΜΕΙΖΟΝΑ ΒΕΛΤΙΩΣΙΝ ΤΩΝ ΣΧΕΣΕΩΝ ΜΕΤΑΞΥ ΚΥΠΡΟΥ ΚΑΙ ΑΡΑΒΙΚΗΣ ΔΗΜΟΚΡΑΤΙΑΣ

ΑΘΗΝΑΙ, 13. — Ὁ πρόεδρος τῆς κυβερνήσεως ἐδέχθη τὸν πρόεδρον τῆς Κυπριακῆς Βουλῆς κ. Κληρίδην καὶ τὸν κ. Μουντερίσογλου, μεθ' ὧν εἶχε βραχεῖαν συνομιλίαν ἐπὶ τῶν κυπριακῶν θεμάτων.

ΠΡΟΣ ΔΙΑΣΚΕΨΙΝ ΝΕΑΝ

ΑΘΗΝΑΙ, 13. — Ὁ πρόεδρος τῆς κυβερνήσεως ἐδέχθη τὸν πρόεδρον τῆς Κυπριακῆς Βουλῆς κ. Κληρίδην καὶ τὸν κ. Μουντερίσογλου, μεθ' ὧν εἶχε βραχεῖαν συνομιλίαν ἐπὶ τῶν κυπριακῶν θεμάτων.

ΒΕΛΤΙΩΣΙΣ ΣΧΕΣΕΩΝ

ΑΘΗΝΑΙ, 13. — Ὁ πρόεδρος τῆς κυβερνήσεως ἐδέχθη τὸν πρόεδρον τῆς Κυπριακῆς Βουλῆς κ. Κληρίδην καὶ τὸν κ. Μουντερίσογλου, μεθ' ὧν εἶχε βραχεῖαν συνομιλίαν ἐπὶ τῶν κυπριακῶν θεμάτων.

ΠΡΟΣΚΕΚΛΗΜΕΝΟΙ ΚΑΙ ΜΑΘΗΤΑΙ

ΑΘΗΝΑΙ, 13. — Ὁ πρόεδρος τῆς κυβερνήσεως ἐδέχθη τὸν πρόεδρον τῆς Κυπριακῆς Βουλῆς κ. Κληρίδην καὶ τὸν κ. Μουντερίσογλου, μεθ' ὧν εἶχε βραχεῖαν συνομιλίαν ἐπὶ τῶν κυπριακῶν θεμάτων.

ΜΗΝΥΜΑ ΤΟΥ ΝΑΣΕΡ

ΑΘΗΝΑΙ, 13. — Ὁ πρόεδρος τῆς κυβερνήσεως ἐδέχθη τὸν πρόεδρον τῆς Κυπριακῆς Βουλῆς κ. Κληρίδην καὶ τὸν κ. Μουντερίσογλου, μεθ' ὧν εἶχε βραχεῖαν συνομιλίαν ἐπὶ τῶν κυπριακῶν θεμάτων.

ΤΟ ΕΚΘΕΣΙΝ ΕΙΣ ΒΡΥΞΕΛΛΑΣ ΑΝΑΚΟΙΝΩΣΙΣ ΕΠΙ ΤΗΣ ΣΥΝΔΕΣΕΩΣ ΤΗΣ ΕΛΛΑΔΟΣ ΜΕΤΑ ΤΗΣ ΚΟΙΝΗΣ ΕΥΡΩΠΑΪΚΗΣ ΑΓΟΡΑΣ

ΒΡΥΞΕΛΛΑΙ, 13. (Ἀσ. Πρακτ.). — Ἡ Ἐπιτροπὴ τῆς Κοινῆς Ἀγορᾶς ἐξέδωσεν ἀνακοίνωσιν ἐπὶ τῆς συνδέσεως τῆς Ἑλλάδος μετὰ τῆς Εὐρωπαϊκῆς Οἰκονομικῆς Κοινότητος, ἡ ὁποία θὰ ὑπογραφῇ προσεχῶς.

ΒΡΥΞΕΛΛΑΙ, 13. (Ἀσ. Πρακτ.). — Ἡ Ἐπιτροπὴ τῆς Κοινῆς Ἀγορᾶς ἐξέδωσεν ἀνακοίνωσιν ἐπὶ τῆς συνδέσεως τῆς Ἑλλάδος μετὰ τῆς Εὐρωπαϊκῆς Οἰκονομικῆς Κοινότητος, ἡ ὁποία θὰ ὑπογραφῇ προσεχῶς.

Ο ΑΒΕΡΩΦ ΕΘΟΡΥΒΗΘΗ ΑΠΟ ΤΑΣ ΚΑΤΑΓΓΕΛΙΑΣ ΤΩΝ ΒΟΥΛΕΥΤΩΝ ΠΥΡΟΜΑΓΛΟΥ ΚΑΙ ΜΠΕΤΡΟΥ ΟΤΙ ΚΑΤΕΛΥΘΗ Η ΕΛΕΥΘΕΡΙΑ ΕΙΣ ΤΗΝ ΕΛΛΑΔΑ

ΑΘΗΝΑΙ, 13. — Ὁ ὑπουργὸς τῶν Ἐξωτερικῶν κ. Ἀβέρωφ ἀπήντησεν εἰς τὰς καταγγελίας τῶν βουλευτῶν, τονίσας ὅτι αἱ καταγγελίαι των εἶναι ἀνακριβεῖς καὶ ὅτι ἐθίγη τὸ κύρος τῆς χώρας.

ΑΘΗΝΑΙ, 13. — Ὁ ὑπουργὸς τῶν Ἐξωτερικῶν κ. Ἀβέρωφ ἀπήντησεν εἰς τὰς καταγγελίας τῶν βουλευτῶν, τονίσας ὅτι αἱ καταγγελίαι των εἶναι ἀνακριβεῖς καὶ ὅτι ἐθίγη τὸ κύρος τῆς χώρας.

Ο κ. ΣΟΕΚΑΡΝΟ ΕΔΗΛΩΣΕΝ ΕΙΣ ΤΟ ΠΕΚΙΝΟΝ ΟΤΙ Η ΚΙΝΑ ΘΑ ΑΝΑΚΤΗΣΗ ΤΗΝ ΦΟΡΜΟΖΑΝ ΚΑΙ Η ΙΝΔΟΝΗΣΙΑ ΤΗΝ ΔΥΤΙΚΗΝ ΓΟΥΪΝΕΑΝ

ΠΕΚΙΝΟΝ, 13. (Ἀσ. Πρακτ.). — Ὁ πρόεδρος τῆς Ἰνδονησίας Σοεκάρνο ἐδήλωσεν ὅτι ἡ Κίνα θὰ ἀνακτήσῃ τὴν Φορμόζαν καὶ ἡ Ἰνδονησία τὴν Δυτικὴν Γουϊνέαν.

ΟΜΙΛΙΑ ΕΙΣ ΔΕΙΠΝΟΝ

ΠΕΚΙΝΟΝ, 13. (Ἀσ. Πρακτ.). — Ὁ πρόεδρος τῆς Ἰνδονησίας Σοεκάρνο ἐδήλωσεν ὅτι ἡ Κίνα θὰ ἀνακτήσῃ τὴν Φορμόζαν καὶ ἡ Ἰνδονησία τὴν Δυτικὴν Γουϊνέαν.

ΕΝΝΕΑ ΝΕΑΙ ΣΕΙΣΜΙΚΑΙ ΔΟΝΗΣΕΙΣ ΕΙΣ ΤΗΝ ΠΕΡΣΙΑΝ
ΠΟΛΛΑΙ ΟΙΚΙΑΙ ΚΩΜΟΠΟΛΕΩΝ ΚΑΤΕΡΡΕΥΣΑΝ

ΤΕΧΕΡΑΝΗ, 13. (Ρώυτερ). — Ἐννέα νέαι σεισμικαὶ δονήσεις ἐσημειώθησαν εἰς τὴν νότιον Περσίαν, προκαλέσασαι τὴν κατάρρευσιν πολλῶν οἰκιῶν.

ΤΕΧΕΡΑΝΗ, 13. (Ρώυτερ). — Ἐννέα νέαι σεισμικαὶ δονήσεις ἐσημειώθησαν εἰς τὴν νότιον Περσίαν, προκαλέσασαι τὴν κατάρρευσιν πολλῶν οἰκιῶν.

ΑΥΡΙΟΝ ΤΟ ΕΚΛΟΓΙΚΟΝ ΝΟΜΟΣΧΕΔΙΟΝ ΘΑ ΨΗΦΙΣΘΗ ΕΙΣ ΔΕΥΤΕΡΑΝ ΑΝΑΓΝΩΣΙΝ
ΘΑ ΔΗΜΟΣΙΕΥΘΗ ΟΠΩΣ ΟΛΟΙ ΟΙ ΝΟΜΟΙ

ΑΘΗΝΑΙ, 13. — Τὸ ἐκλογικὸν νομοσχέδιον θὰ ψηφισθῇ αὔριον εἰς δευτέραν ἀνάγνωσιν ὑπὸ τῆς Βουλῆς καὶ θὰ δημοσιευθῇ εἰς τὴν Ἐφημερίδα τῆς Κυβερνήσεως, ὅπως ὅλοι οἱ νόμοι.

ΑΘΗΝΑΙ, 13. — Τὸ ἐκλογικὸν νομοσχέδιον θὰ ψηφισθῇ αὔριον εἰς δευτέραν ἀνάγνωσιν ὑπὸ τῆς Βουλῆς καὶ θὰ δημοσιευθῇ εἰς τὴν Ἐφημερίδα τῆς Κυβερνήσεως, ὅπως ὅλοι οἱ νόμοι.
